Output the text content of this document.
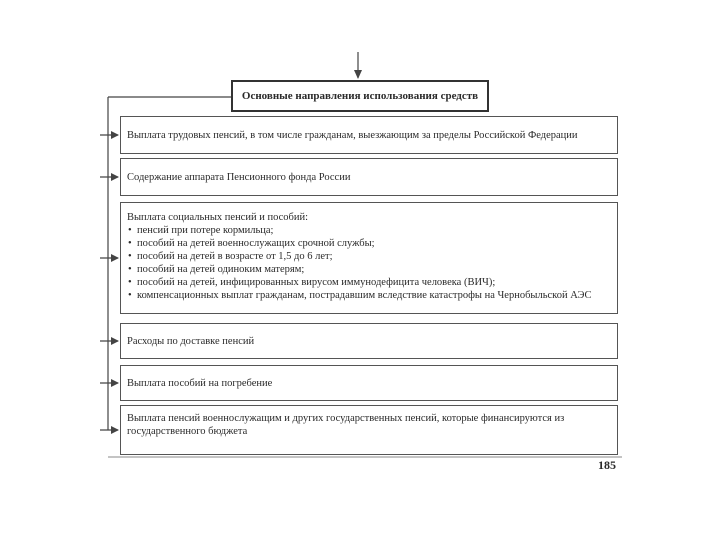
Основные направления использования средств
Выплата трудовых пенсий, в том числе гражданам, выезжающим за пределы Российской Федерации
Содержание аппарата Пенсионного фонда России
Выплата социальных пенсий и пособий:
• пенсий при потере кормильца;
• пособий на детей военнослужащих срочной службы;
• пособий на детей в возрасте от 1,5 до 6 лет;
• пособий на детей одиноким матерям;
• пособий на детей, инфицированных вирусом иммунодефицита человека (ВИЧ);
• компенсационных выплат гражданам, пострадавшим вследствие катастрофы на Чернобыльской АЭС
Расходы по доставке пенсий
Выплата пособий на погребение
Выплата пенсий военнослужащим и других государственных пенсий, которые финансируются из государственного бюджета
185
